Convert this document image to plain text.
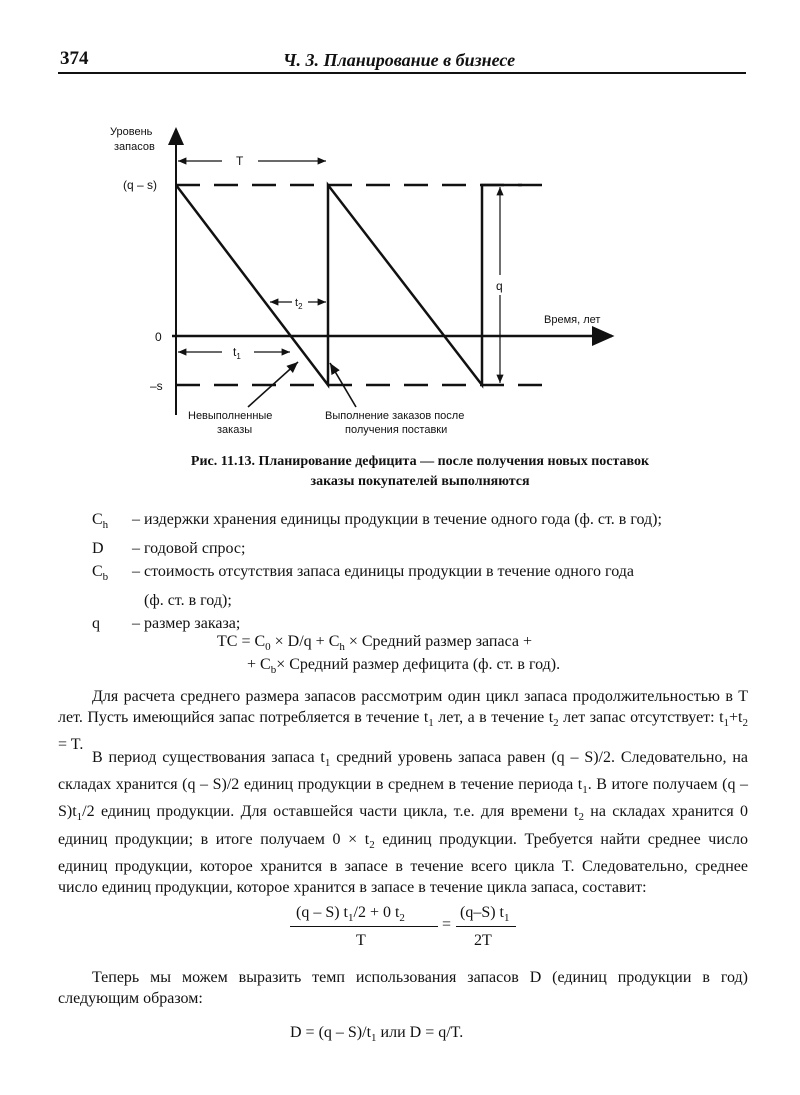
374	Ч. 3. Планирование в бизнесе
Уровень
запасов
(q – s)
0
–s
T
$t_1$
$t_2$
q
Время, лет
Невыполненные
заказы
Выполнение заказов после
получения поставки
Рис. 11.13. Планирование дефицита — после получения новых поставок
заказы покупателей выполняются
$C_h$	– издержки хранения единицы продукции в течение одного года (ф. ст. в год);
D	– годовой спрос;
$C_b$	– стоимость отсутствия запаса единицы продукции в течение одного года
(ф. ст. в год);
q	– размер заказа;
TC = $C_0 \times D/q + C_h$ × Средний размер запаса +
+ $C_b\times$ Средний размер дефицита (ф. ст. в год).
Для расчета среднего размера запасов рассмотрим один цикл запаса продолжительностью в Т лет. Пусть имеющийся запас потребляется в течение $t_1$ лет, а в течение $t_2$ лет запас отсутствует: $t_1+t_2 = T$.
В период существования запаса $t_1$ средний уровень запаса равен (q – S)/2. Следовательно, на складах хранится (q – S)/2 единиц продукции в среднем в течение периода $t_1$. В итоге получаем $(q - S)t_1/2$ единиц продукции. Для оставшейся части цикла, т.е. для времени $t_2$ на складах хранится 0 единиц продукции; в итоге получаем $0 \times t_2$ единиц продукции. Требуется найти среднее число единиц продукции, которое хранится в запасе в течение всего цикла T. Следовательно, среднее число единиц продукции, которое хранится в запасе в течение цикла запаса, составит:
(q – S) $t_1/2 + 0$ $t_2$
T
=
(q–S) $t_1$
2T
Теперь мы можем выразить темп использования запасов D (единиц продукции в год) следующим образом:
$D = (q - S)/t_1$ или D = q/T.
